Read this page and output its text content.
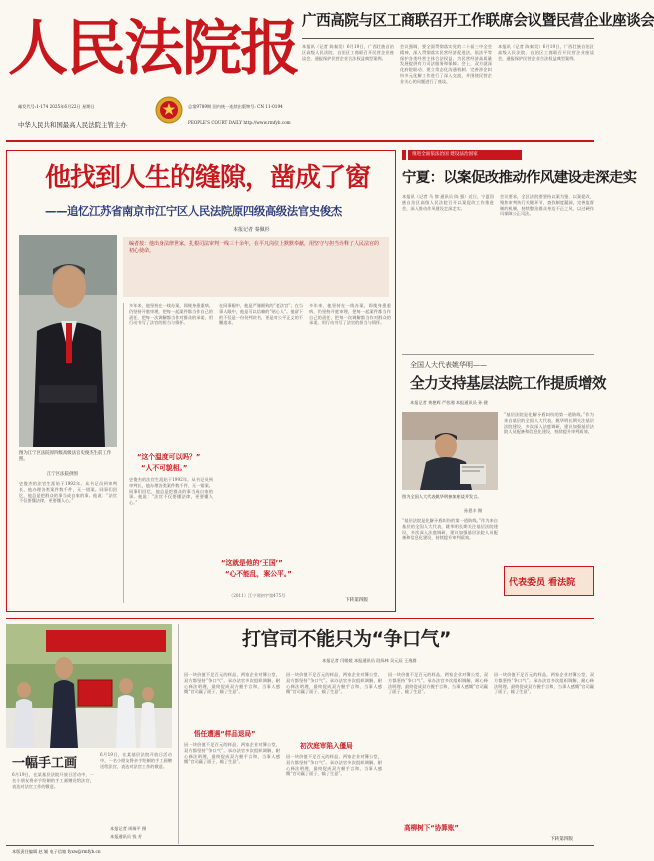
人民法院报
邮发代号:1-174 2025年6月22日 星期日
中华人民共和国最高人民法院主管主办
总第9789期 国内统一连续出版物号: CN 11-0194
PEOPLE'S COURT DAILY http://www.rmfyb.com
广西高院与区工商联召开工作联席会议暨民营企业座谈会
本报讯（记者 陈秦昊）6月19日，广西壮族自治区高级人民法院、自治区工商联召开民营企业座谈会，通报保护民营企业合法权益典型案例。
会议强调，要全面贯彻落实党的二十届三中全会精神，深入贯彻落实民营经济促进法，依法平等保护各类经营主体合法权益，为民营经济高质量发展提供有力司法服务和保障。会上，双方就深化府院联动、建立常态化沟通机制、完善涉企纠纷多元化解工作进行了深入交流，并围绕民营企业关心的问题进行了座谈。
本报讯（记者 陈秦昊）6月19日，广西壮族自治区高级人民法院、自治区工商联召开民营企业座谈会，通报保护民营企业合法权益典型案例。
他找到人生的缝隙，凿成了窗
——追忆江苏省南京市江宁区人民法院原四级高级法官史俊杰
本报记者 秦佩杉
编者按：他出身法律世家，扎根司法审判一线三十余年，在平凡岗位上默默奉献，用坚守与担当诠释了人民法官的初心使命。
图为江宁区法院原四级高级法官史俊杰生前工作照。
江宁区法院供图
史俊杰的法官生涯始于1992年。从书记员到审判长，他办理各类案件数千件，无一错案。同事们回忆，他总是把群众的事当成自家的事。他说：“法官不仅要懂法律，更要懂人心。”
多年来，他坚持在一线办案，即使身患重病，仍坚持开庭审理，把每一起案件都当作自己的责任，把每一次调解都当作对群众的承诺，用行动书写了法官的担当与情怀。
“这个温度可以吗？”
“人不可貌相。”
史俊杰的法官生涯始于1992年。从书记员到审判长，他办理各类案件数千件，无一错案。同事们回忆，他总是把群众的事当成自家的事。他说：“法官不仅要懂法律，更要懂人心。”
在同事眼中，他是严谨细致的“老法官”；在当事人眼中，他是可以信赖的“贴心人”。他留下的不仅是一份份判决书，更是对公平正义的不懈追求。
多年来，他坚持在一线办案，即使身患重病，仍坚持开庭审理，把每一起案件都当作自己的责任，把每一次调解都当作对群众的承诺，用行动书写了法官的担当与情怀。
“这就是他的‘王国’”
“心不能乱，案公平。”
（2011）江宁刑初字第475号
下转第四版
推进全面依法治国 建设法治国家
宁夏：以案促改推动作风建设走深走实
本报讯（记者 马 黎 通讯员 陈 强）近日，宁夏回族自治区高级人民法院召开以案促改工作推进会，深入推动作风建设走深走实。
会议要求，全区法院要坚持以案为鉴、以案促改，聚焦审判执行关键环节，查找制度漏洞，完善监督制约机制，持续整治群众身边不正之风，以过硬作风保障公正司法。
全国人大代表姚华明——
全力支持基层法院工作提质增效
本报记者 黄艳辉 严怡湘 本报通讯员 孙 健
图为全国人大代表姚华明参加座谈并发言。
孙恩丰 摄
“基层法院是化解矛盾纠纷的第一道防线。”作为来自基层的全国人大代表，姚华明长期关注基层法院建设，多次深入法庭调研，建议加强基层法院人员配备和信息化建设，持续提升审判质效。
“基层法院是化解矛盾纠纷的第一道防线。”作为来自基层的全国人大代表，姚华明长期关注基层法院建设，多次深入法庭调研，建议加强基层法院人员配备和信息化建设，持续提升审判质效。
代表委员 看法院
一幅手工画
6月19日，在某基层法院开放日活动中，一名小朋友将亲手绘制的手工画赠送给法官，表达对法官工作的敬意。
6月19日，在某基层法院开放日活动中，一名小朋友将亲手绘制的手工画赠送给法官，表达对法官工作的敬意。
本报记者 周瑞平 摄
本报通讯员 钱 芳
打官司不能只为“争口气”
本报记者 闫媛媛 本报通讯员 段烁林 吴元辰 王逸群
因一块价值不足百元的样品，两家企业对簿公堂，双方都坚持“争口气”。承办法官多次组织调解，耐心释法明理，最终促成双方握手言和，当事人感慨“官司赢了面子，输了生意”。
悟任遭遇“样品退局”
因一块价值不足百元的样品，两家企业对簿公堂，双方都坚持“争口气”。承办法官多次组织调解，耐心释法明理，最终促成双方握手言和，当事人感慨“官司赢了面子，输了生意”。
因一块价值不足百元的样品，两家企业对簿公堂，双方都坚持“争口气”。承办法官多次组织调解，耐心释法明理，最终促成双方握手言和，当事人感慨“官司赢了面子，输了生意”。
初次庭审陷入僵局
因一块价值不足百元的样品，两家企业对簿公堂，双方都坚持“争口气”。承办法官多次组织调解，耐心释法明理，最终促成双方握手言和，当事人感慨“官司赢了面子，输了生意”。
因一块价值不足百元的样品，两家企业对簿公堂，双方都坚持“争口气”。承办法官多次组织调解，耐心释法明理，最终促成双方握手言和，当事人感慨“官司赢了面子，输了生意”。
高柳树下“协算账”
因一块价值不足百元的样品，两家企业对簿公堂，双方都坚持“争口气”。承办法官多次组织调解，耐心释法明理，最终促成双方握手言和，当事人感慨“官司赢了面子，输了生意”。
下转第四版
本版责任编辑 赵 颖 电子信箱 fyxw@rmfyb.cn
